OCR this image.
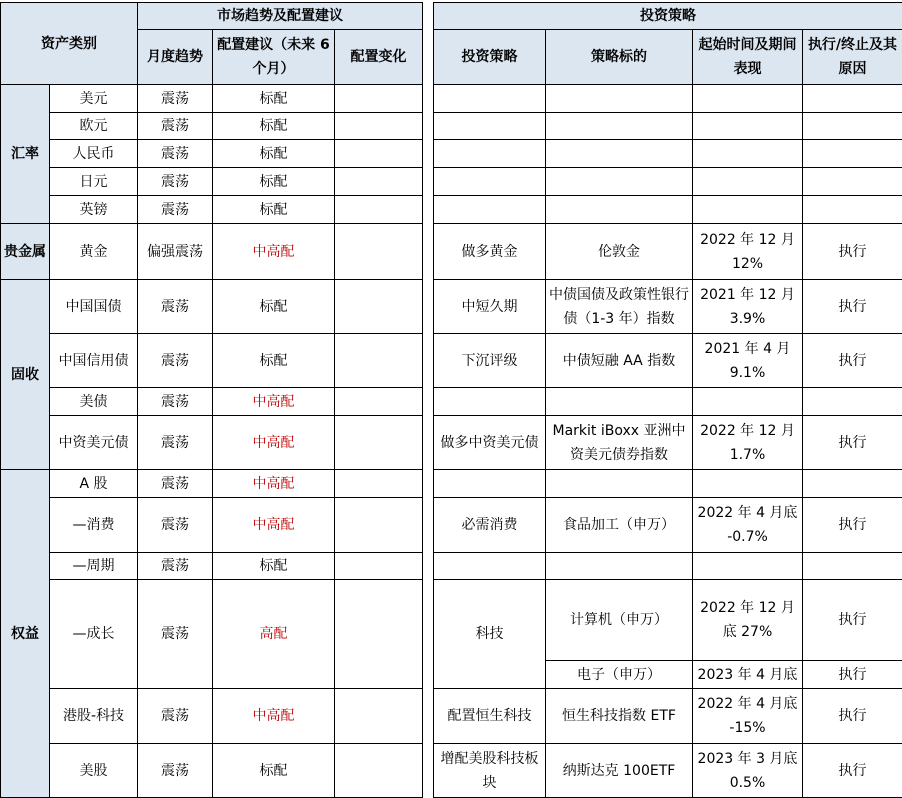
资产类别		市场趋势及配置建议		
		月度趋势	配置建议（未来 6 个月）	配置变化
汇率	美元	震荡	标配	
	欧元	震荡	标配	
	人民币	震荡	标配	
	日元	震荡	标配	
	英镑	震荡	标配	
贵金属	黄金	偏强震荡	中高配	
固收	中国国债	震荡	标配	
	中国信用债	震荡	标配	
	美债	震荡	中高配	
	中资美元债	震荡	中高配	
权益	A 股	震荡	中高配	
	—消费	震荡	中高配	
	—周期	震荡	标配	
	—成长	震荡	高配	
	港股-科技	震荡	中高配	
	美股	震荡	标配	
投资策略			
投资策略	策略标的	起始时间及期间表现	执行/终止及其原因

做多黄金	伦敦金	2022 年 12 月 12%	执行
中短久期	中债国债及政策性银行债（1-3 年）指数	2021 年 12 月 3.9%	执行
下沉评级	中债短融 AA 指数	2021 年 4 月 9.1%	执行

做多中资美元债	Markit iBoxx 亚洲中资美元债券指数	2022 年 12 月 1.7%	执行

必需消费	食品加工（申万）	2022 年 4 月底 -0.7%	执行

科技	计算机（申万）	2022 年 12 月底 27%	执行
	电子（申万）	2023 年 4 月底	执行
配置恒生科技	恒生科技指数 ETF	2022 年 4 月底 -15%	执行
增配美股科技板块	纳斯达克 100ETF	2023 年 3 月底 0.5%	执行
